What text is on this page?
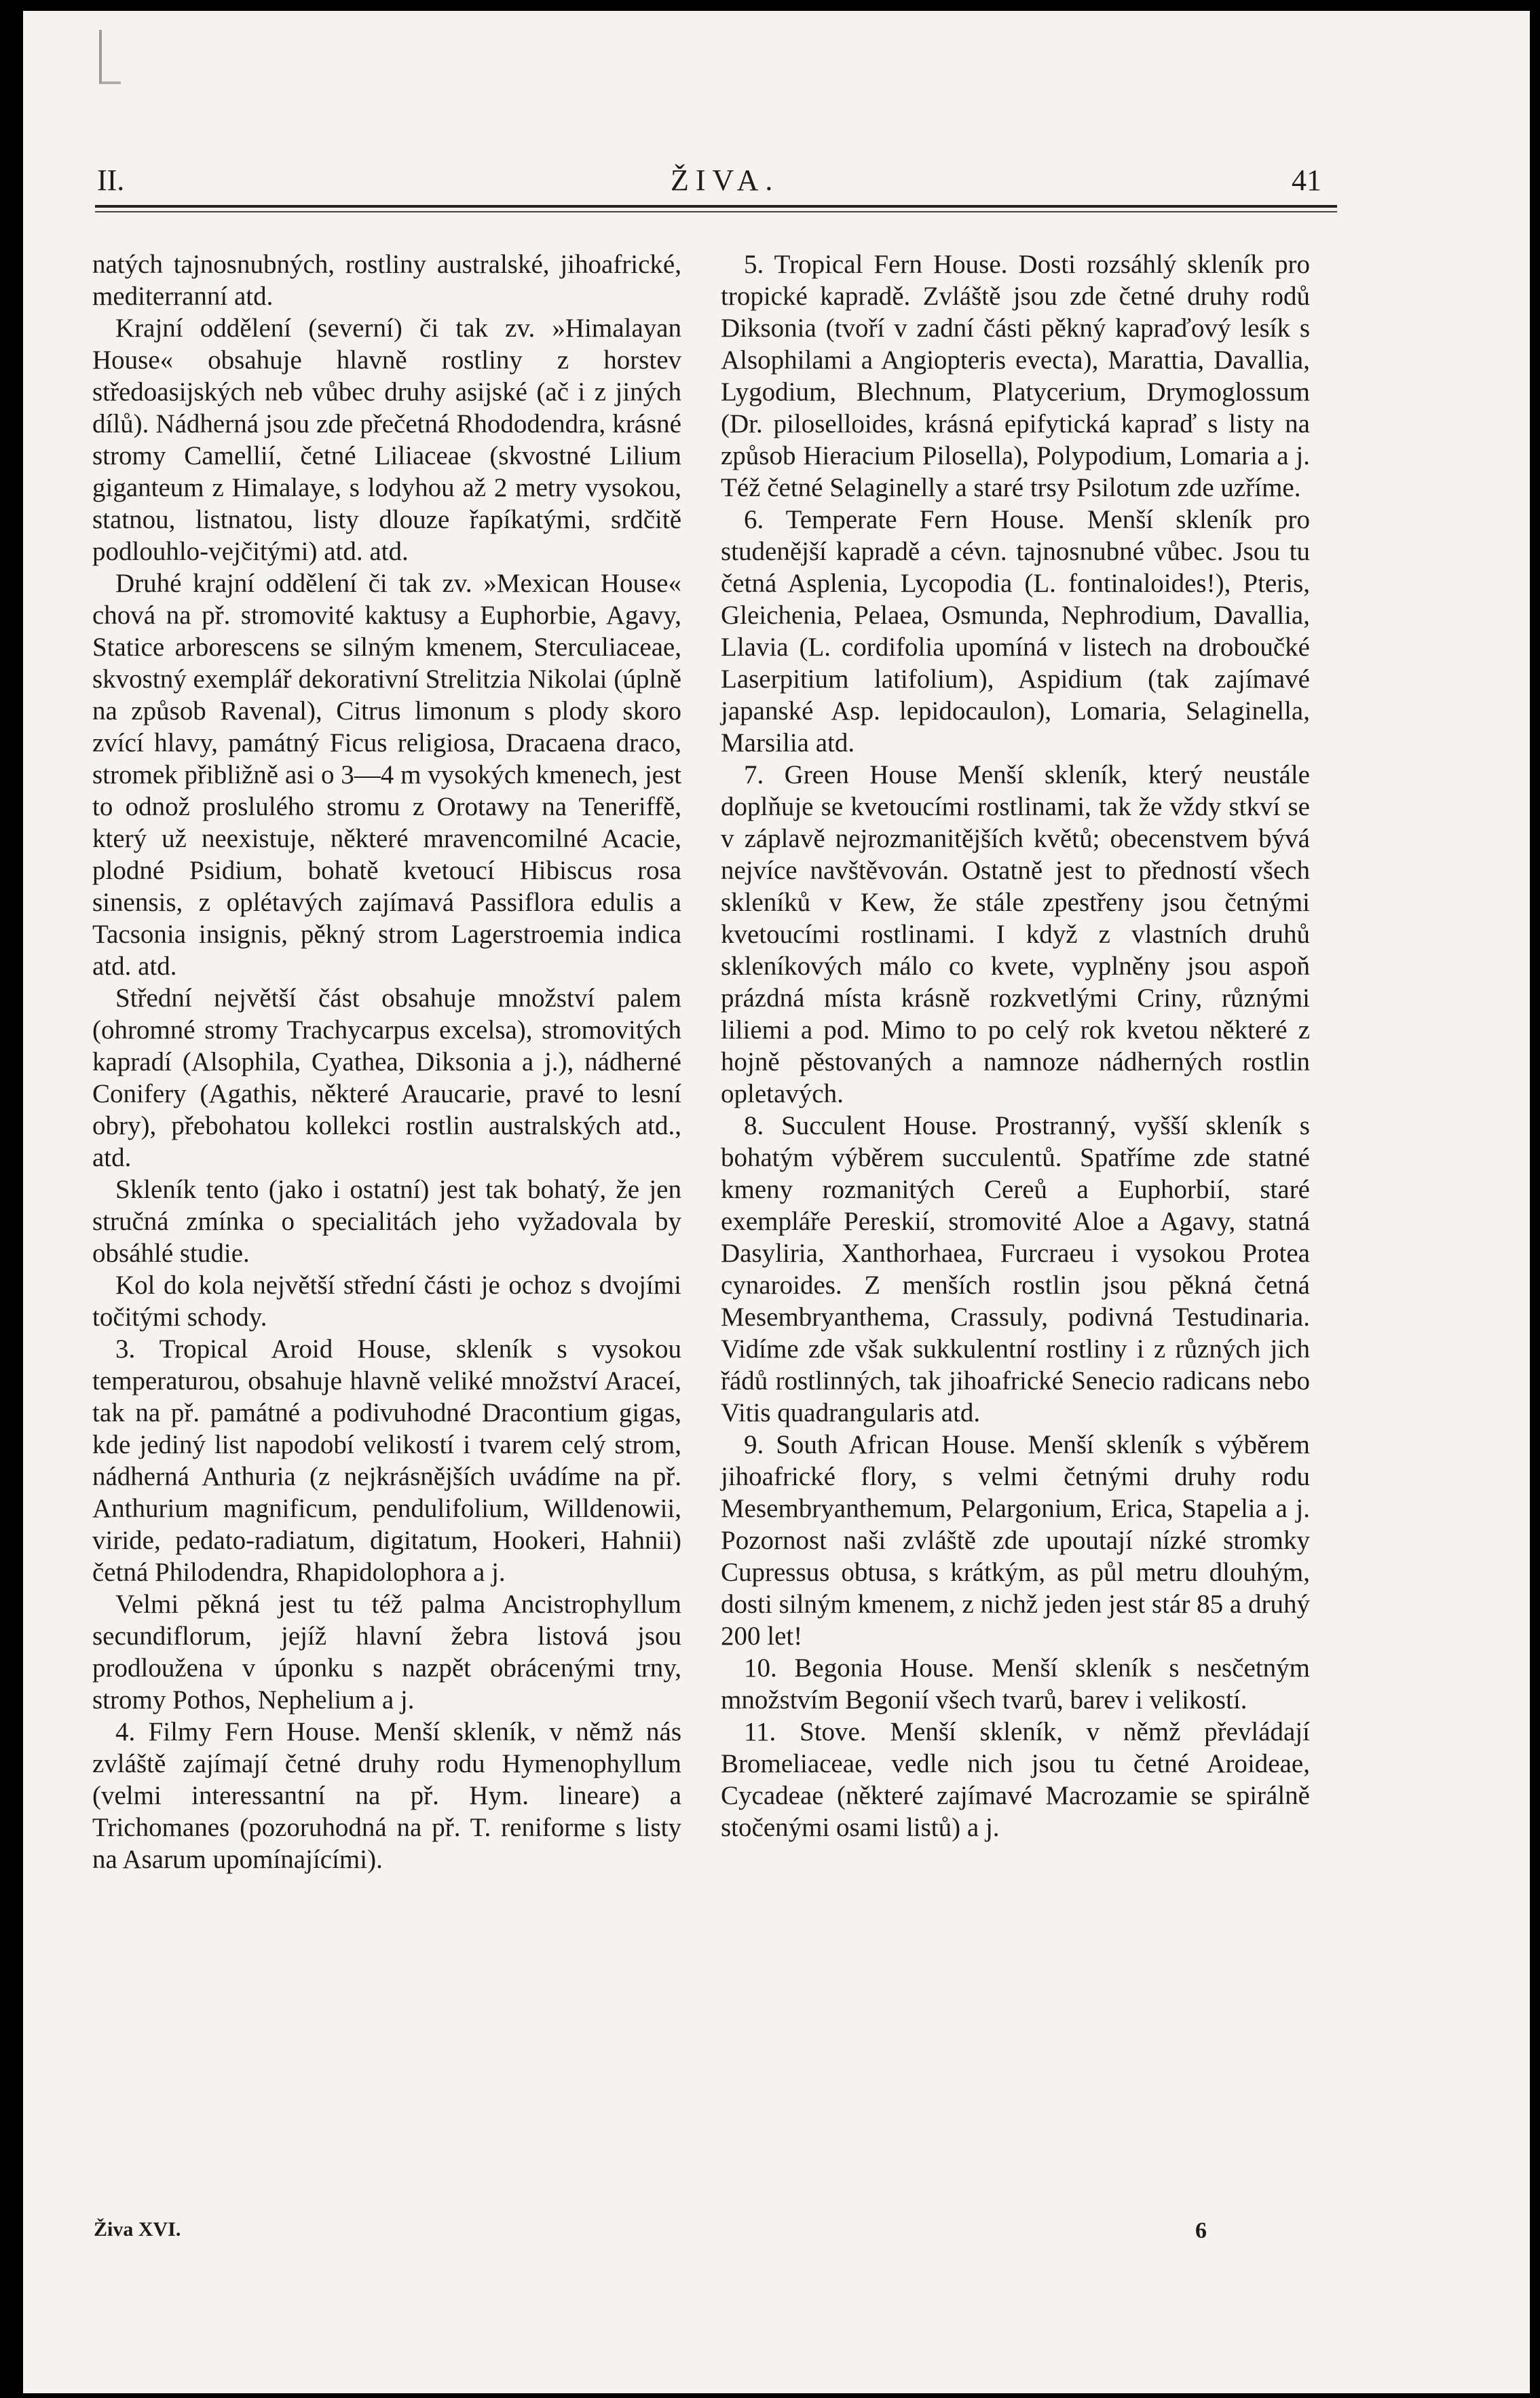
II.	ŽIVA.	41

natých tajnosnubných, rostliny australské, jihoafrické, mediterranní atd.

Krajní oddělení (severní) či tak zv. »Himalayan House« obsahuje hlavně rostliny z horstev středoasijských neb vůbec druhy asijské (ač i z jiných dílů). Nádherná jsou zde přečetná Rhododendra, krásné stromy Camellií, četné Liliaceae (skvostné Lilium giganteum z Himalaye, s lodyhou až 2 metry vysokou, statnou, listnatou, listy dlouze řapíkatými, srdčitě podlouhlo-vejčitými) atd. atd.

Druhé krajní oddělení či tak zv. »Mexican House« chová na př. stromovité kaktusy a Euphorbie, Agavy, Statice arborescens se silným kmenem, Sterculiaceae, skvostný exemplář dekorativní Strelitzia Nikolai (úplně na způsob Ravenal), Citrus limonum s plody skoro zvící hlavy, památný Ficus religiosa, Dracaena draco, stromek přibližně asi o 3—4 m vysokých kmenech, jest to odnož proslulého stromu z Orotawy na Teneriffě, který už neexistuje, některé mravencomilné Acacie, plodné Psidium, bohatě kvetoucí Hibiscus rosa sinensis, z oplétavých zajímavá Passiflora edulis a Tacsonia insignis, pěkný strom Lagerstroemia indica atd. atd.

Střední největší část obsahuje množství palem (ohromné stromy Trachycarpus excelsa), stromovitých kapradí (Alsophila, Cyathea, Diksonia a j.), nádherné Conifery (Agathis, některé Araucarie, pravé to lesní obry), přebohatou kollekci rostlin australských atd., atd.

Skleník tento (jako i ostatní) jest tak bohatý, že jen stručná zmínka o specialitách jeho vyžadovala by obsáhlé studie.

Kol do kola největší střední části je ochoz s dvojími točitými schody.

3. Tropical Aroid House, skleník s vysokou temperaturou, obsahuje hlavně veliké množství Araceí, tak na př. památné a podivuhodné Dracontium gigas, kde jediný list napodobí velikostí i tvarem celý strom, nádherná Anthuria (z nejkrásnějších uvádíme na př. Anthurium magnificum, pendulifolium, Willdenowii, viride, pedato-radiatum, digitatum, Hookeri, Hahnii) četná Philodendra, Rhapidolophora a j.

Velmi pěkná jest tu též palma Ancistrophyllum secundiflorum, jejíž hlavní žebra listová jsou prodloužena v úponku s nazpět obrácenými trny, stromy Pothos, Nephelium a j.

4. Filmy Fern House. Menší skleník, v němž nás zvláště zajímají četné druhy rodu Hymenophyllum (velmi interessantní na př. Hym. lineare) a Trichomanes (pozoruhodná na př. T. reniforme s listy na Asarum upomínajícími).

5. Tropical Fern House. Dosti rozsáhlý skleník pro tropické kapradě. Zvláště jsou zde četné druhy rodů Diksonia (tvoří v zadní části pěkný kapraďový lesík s Alsophilami a Angiopteris evecta), Marattia, Davallia, Lygodium, Blechnum, Platycerium, Drymoglossum (Dr. piloselloides, krásná epifytická kapraď s listy na způsob Hieracium Pilosella), Polypodium, Lomaria a j. Též četné Selaginelly a staré trsy Psilotum zde uzříme.

6. Temperate Fern House. Menší skleník pro studenější kapradě a cévn. tajnosnubné vůbec. Jsou tu četná Asplenia, Lycopodia (L. fontinaloides!), Pteris, Gleichenia, Pelaea, Osmunda, Nephrodium, Davallia, Llavia (L. cordifolia upomíná v listech na droboučké Laserpitium latifolium), Aspidium (tak zajímavé japanské Asp. lepidocaulon), Lomaria, Selaginella, Marsilia atd.

7. Green House Menší skleník, který neustále doplňuje se kvetoucími rostlinami, tak že vždy stkví se v záplavě nejrozmanitějších květů; obecenstvem bývá nejvíce navštěvován. Ostatně jest to předností všech skleníků v Kew, že stále zpestřeny jsou četnými kvetoucími rostlinami. I když z vlastních druhů skleníkových málo co kvete, vyplněny jsou aspoň prázdná místa krásně rozkvetlými Criny, různými liliemi a pod. Mimo to po celý rok kvetou některé z hojně pěstovaných a namnoze nádherných rostlin opletavých.

8. Succulent House. Prostranný, vyšší skleník s bohatým výběrem succulentů. Spatříme zde statné kmeny rozmanitých Cereů a Euphorbií, staré exempláře Pereskií, stromovité Aloe a Agavy, statná Dasyliria, Xanthorhaea, Furcraeu i vysokou Protea cynaroides. Z menších rostlin jsou pěkná četná Mesembryanthema, Crassuly, podivná Testudinaria. Vidíme zde však sukkulentní rostliny i z různých jich řádů rostlinných, tak jihoafrické Senecio radicans nebo Vitis quadrangularis atd.

9. South African House. Menší skleník s výběrem jihoafrické flory, s velmi četnými druhy rodu Mesembryanthemum, Pelargonium, Erica, Stapelia a j. Pozornost naši zvláště zde upoutají nízké stromky Cupressus obtusa, s krátkým, as půl metru dlouhým, dosti silným kmenem, z nichž jeden jest stár 85 a druhý 200 let!

10. Begonia House. Menší skleník s nesčetným množstvím Begonií všech tvarů, barev i velikostí.

11. Stove. Menší skleník, v němž převládají Bromeliaceae, vedle nich jsou tu četné Aroideae, Cycadeae (některé zajímavé Macrozamie se spirálně stočenými osami listů) a j.

Živa XVI.	6
